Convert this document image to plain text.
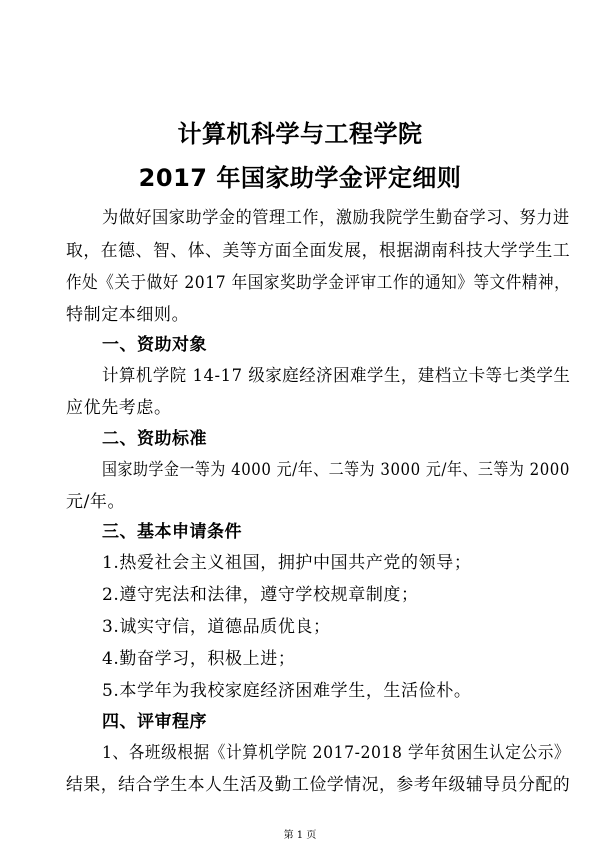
计算机科学与工程学院
2017 年国家助学金评定细则
为做好国家助学金的管理工作，激励我院学生勤奋学习、努力进
取，在德、智、体、美等方面全面发展，根据湖南科技大学学生工
作处《关于做好 2017 年国家奖助学金评审工作的通知》等文件精神，
特制定本细则。
一、资助对象
计算机学院 14-17 级家庭经济困难学生，建档立卡等七类学生
应优先考虑。
二、资助标准
国家助学金一等为 4000 元/年、二等为 3000 元/年、三等为 2000
元/年。
三、基本申请条件
1.热爱社会主义祖国，拥护中国共产党的领导；
2.遵守宪法和法律，遵守学校规章制度；
3.诚实守信，道德品质优良；
4.勤奋学习，积极上进；
5.本学年为我校家庭经济困难学生，生活俭朴。
四、评审程序
1、各班级根据《计算机学院 2017-2018 学年贫困生认定公示》
结果，结合学生本人生活及勤工俭学情况，参考年级辅导员分配的
第 1 页
